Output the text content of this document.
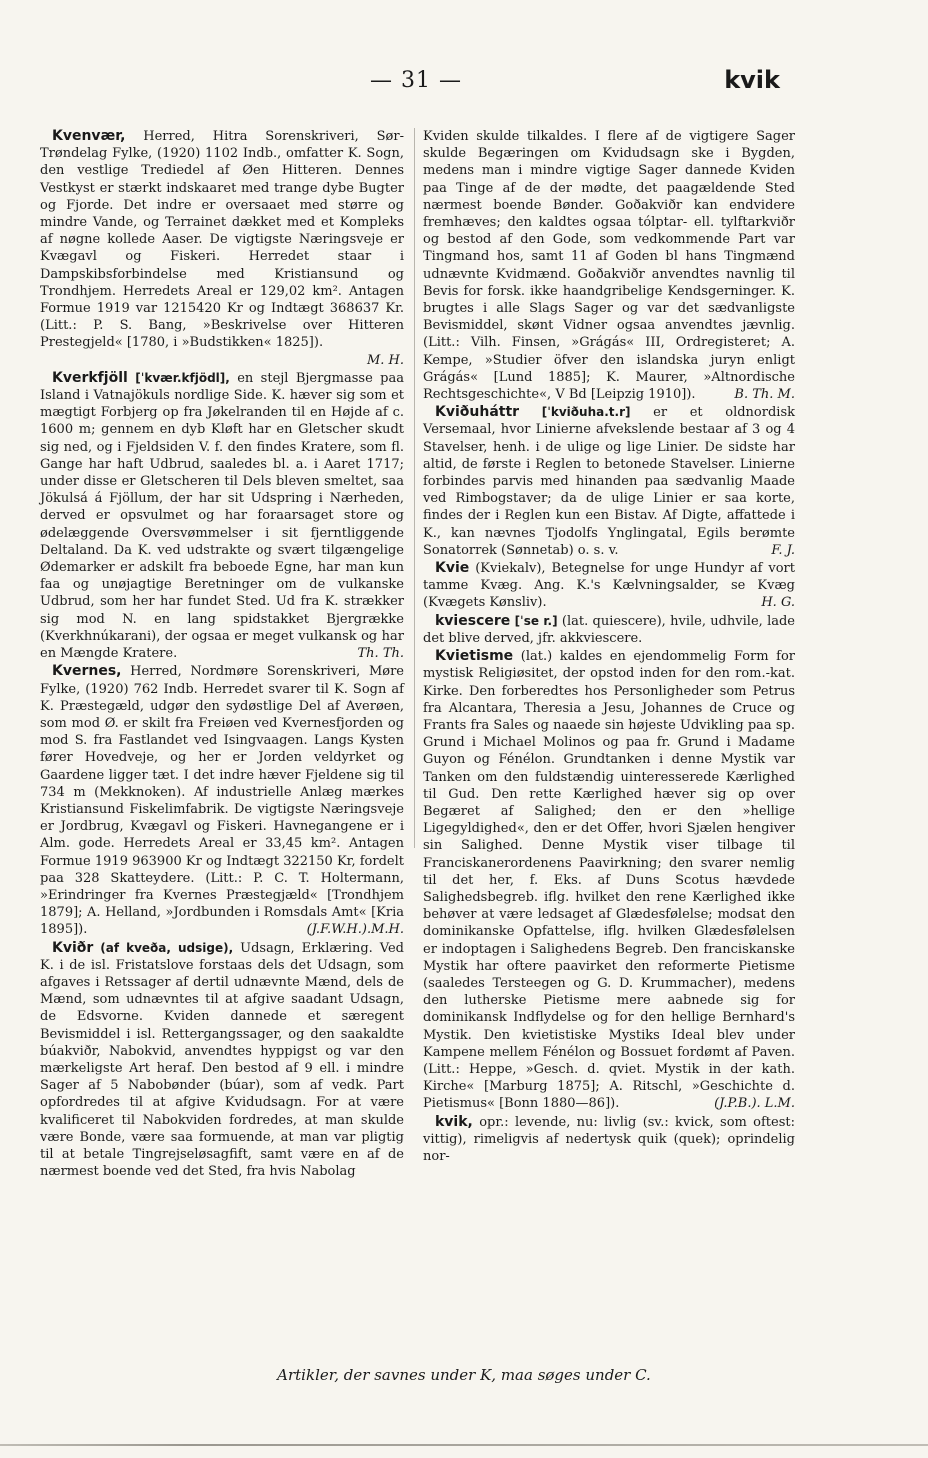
— 31 —	kvik

Kvenvær, Herred, Hitra Sorenskriveri, Sør-Trøndelag Fylke, (1920) 1102 Indb., omfatter K. Sogn, den vestlige Trediedel af Øen Hitteren. Dennes Vestkyst er stærkt indskaaret med trange dybe Bugter og Fjorde. Det indre er oversaaet med større og mindre Vande, og Terrainet dækket med et Kompleks af nøgne kollede Aaser. De vigtigste Næringsveje er Kvægavl og Fiskeri. Herredet staar i Dampskibsforbindelse med Kristiansund og Trondhjem. Herredets Areal er 129,02 km². Antagen Formue 1919 var 1215420 Kr og Indtægt 368637 Kr. (Litt.: P. S. Bang, »Beskrivelse over Hitteren Prestegjeld« [1780, i »Budstikken« 1825]).
M. H.

Kverkfjöll [ˈkvær.kfjödl], en stejl Bjergmasse paa Island i Vatnajökuls nordlige Side. K. hæver sig som et mægtigt Forbjerg op fra Jøkelranden til en Højde af c. 1600 m; gennem en dyb Kløft har en Gletscher skudt sig ned, og i Fjeldsiden V. f. den findes Kratere, som fl. Gange har haft Udbrud, saaledes bl. a. i Aaret 1717; under disse er Gletscheren til Dels bleven smeltet, saa Jökulsá á Fjöllum, der har sit Udspring i Nærheden, derved er opsvulmet og har foraarsaget store og ødelæggende Oversvømmelser i sit fjerntliggende Deltaland. Da K. ved udstrakte og svært tilgængelige Ødemarker er adskilt fra beboede Egne, har man kun faa og unøjagtige Beretninger om de vulkanske Udbrud, som her har fundet Sted. Ud fra K. strækker sig mod N. en lang spidstakket Bjergrække (Kverkhnúkarani), der ogsaa er meget vulkansk og har en Mængde Kratere.	Th. Th.

Kvernes, Herred, Nordmøre Sorenskriveri, Møre Fylke, (1920) 762 Indb. Herredet svarer til K. Sogn af K. Præstegæld, udgør den sydøstlige Del af Averøen, som mod Ø. er skilt fra Freiøen ved Kvernesfjorden og mod S. fra Fastlandet ved Isingvaagen. Langs Kysten fører Hovedveje, og her er Jorden veldyrket og Gaardene ligger tæt. I det indre hæver Fjeldene sig til 734 m (Mekknoken). Af industrielle Anlæg mærkes Kristiansund Fiskelimfabrik. De vigtigste Næringsveje er Jordbrug, Kvægavl og Fiskeri. Havnegangene er i Alm. gode. Herredets Areal er 33,45 km². Antagen Formue 1919 963900 Kr og Indtægt 322150 Kr, fordelt paa 328 Skatteydere. (Litt.: P. C. T. Holtermann, »Erindringer fra Kvernes Præstegjæld« [Trondhjem 1879]; A. Helland, »Jordbunden i Romsdals Amt« [Kria 1895]).	(J.F.W.H.).M.H.

Kviðr (af kveða, udsige), Udsagn, Erklæring. Ved K. i de isl. Fristatslove forstaas dels det Udsagn, som afgaves i Retssager af dertil udnævnte Mænd, dels de Mænd, som udnævntes til at afgive saadant Udsagn, de Edsvorne. Kviden dannede et særegent Bevismiddel i isl. Rettergangssager, og den saakaldte búakviðr, Nabokvid, anvendtes hyppigst og var den mærkeligste Art heraf. Den bestod af 9 ell. i mindre Sager af 5 Nabobønder (búar), som af vedk. Part opfordredes til at afgive Kvidudsagn. For at være kvalificeret til Nabokviden fordredes, at man skulde være Bonde, være saa formuende, at man var pligtig til at betale Tingrejseløsagfift, samt være en af de nærmest boende ved det Sted, fra hvis Nabolag

Kviden skulde tilkaldes. I flere af de vigtigere Sager skulde Begæringen om Kvidudsagn ske i Bygden, medens man i mindre vigtige Sager dannede Kviden paa Tinge af de der mødte, det paagældende Sted nærmest boende Bønder. Goðakviðr kan endvidere fremhæves; den kaldtes ogsaa tólptar- ell. tylftarkviðr og bestod af den Gode, som vedkommende Part var Tingmand hos, samt 11 af Goden bl hans Tingmænd udnævnte Kvidmænd. Goðakviðr anvendtes navnlig til Bevis for forsk. ikke haandgribelige Kendsgerninger. K. brugtes i alle Slags Sager og var det sædvanligste Bevismiddel, skønt Vidner ogsaa anvendtes jævnlig. (Litt.: Vilh. Finsen, »Grágás« III, Ordregisteret; A. Kempe, »Studier öfver den islandska juryn enligt Grágás« [Lund 1885]; K. Maurer, »Altnordische Rechtsgeschichte«, V Bd [Leipzig 1910]).	B. Th. M.

Kviðuháttr [ˈkviðuha.t.r] er et oldnordisk Versemaal, hvor Linierne afvekslende bestaar af 3 og 4 Stavelser, henh. i de ulige og lige Linier. De sidste har altid, de første i Reglen to betonede Stavelser. Linierne forbindes parvis med hinanden paa sædvanlig Maade ved Rimbogstaver; da de ulige Linier er saa korte, findes der i Reglen kun een Bistav. Af Digte, affattede i K., kan nævnes Tjodolfs Ynglingatal, Egils berømte Sonatorrek (Sønnetab) o. s. v.	F. J.

Kvie (Kviekalv), Betegnelse for unge Hundyr af vort tamme Kvæg. Ang. K.'s Kælvningsalder, se Kvæg (Kvægets Kønsliv).	H. G.

kviescere [ˈse r.] (lat. quiescere), hvile, udhvile, lade det blive derved, jfr. akkviescere.

Kvietisme (lat.) kaldes en ejendommelig Form for mystisk Religiøsitet, der opstod inden for den rom.-kat. Kirke. Den forberedtes hos Personligheder som Petrus fra Alcantara, Theresia a Jesu, Johannes de Cruce og Frants fra Sales og naaede sin højeste Udvikling paa sp. Grund i Michael Molinos og paa fr. Grund i Madame Guyon og Fénélon. Grundtanken i denne Mystik var Tanken om den fuldstændig uinteresserede Kærlighed til Gud. Den rette Kærlighed hæver sig op over Begæret af Salighed; den er den »hellige Ligegyldighed«, den er det Offer, hvori Sjælen hengiver sin Salighed. Denne Mystik viser tilbage til Franciskanerordenens Paavirkning; den svarer nemlig til det her, f. Eks. af Duns Scotus hævdede Salighedsbegreb. iflg. hvilket den rene Kærlighed ikke behøver at være ledsaget af Glædesfølelse; modsat den dominikanske Opfattelse, iflg. hvilken Glædesfølelsen er indoptagen i Salighedens Begreb. Den franciskanske Mystik har oftere paavirket den reformerte Pietisme (saaledes Tersteegen og G. D. Krummacher), medens den lutherske Pietisme mere aabnede sig for dominikansk Indflydelse og for den hellige Bernhard's Mystik. Den kvietistiske Mystiks Ideal blev under Kampene mellem Fénélon og Bossuet fordømt af Paven. (Litt.: Heppe, »Gesch. d. qviet. Mystik in der kath. Kirche« [Marburg 1875]; A. Ritschl, »Geschichte d. Pietismus« [Bonn 1880—86]).	(J.P.B.). L.M.

kvik, opr.: levende, nu: livlig (sv.: kvick, som oftest: vittig), rimeligvis af nedertysk quik (quek); oprindelig nor-

Artikler, der savnes under K, maa søges under C.
